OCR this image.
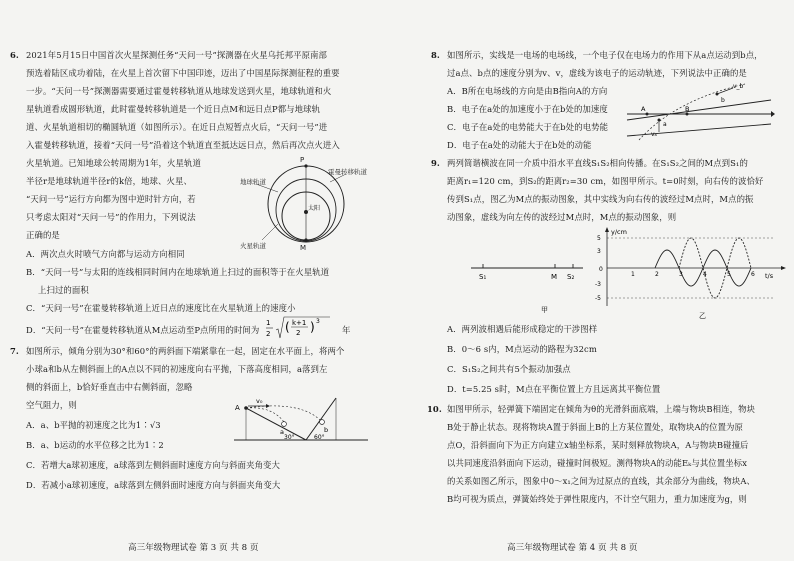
6. 2021年5月15日中国首次火星探测任务“天问一号”探测器在火星乌托邦平原南部
预选着陆区成功着陆，在火星上首次留下中国印迹，迈出了中国星际探测征程的重要
一步。“天问一号”探测器需要通过霍曼转移轨道从地球发送到火星，地球轨道和火
星轨道看成圆形轨道，此时霍曼转移轨道是一个近日点M和远日点P都与地球轨
道、火星轨道相切的椭圆轨道（如图所示）。在近日点短暂点火后，“天问一号”进
入霍曼转移轨道，接着“天问一号”沿着这个轨道直至抵达远日点，然后再次点火进入
火星轨道。已知地球公转周期为1年，火星轨道
半径r是地球轨道半径r的k倍，地球、火星、
“天问一号”运行方向都为图中逆时针方向，若
只考虑太阳对“天问一号”的作用力，下列说法
正确的是
地球轨道
霍曼转移轨道
火星轨道
P
M
太阳
A．两次点火时喷气方向都与运动方向相同
B．“天问一号”与太阳的连线相同时间内在地球轨道上扫过的面积等于在火星轨道
上扫过的面积
C．“天问一号”在霍曼转移轨道上近日点的速度比在火星轨道上的速度小
D．“天问一号”在霍曼转移轨道从M点运动至P点所用的时间为
1
2 ( k+1
2 ) 3
年
7. 如图所示，倾角分别为30°和60°的两斜面下端紧靠在一起，固定在水平面上，将两个
小球a和b从左侧斜面上的A点以不同的初速度向右平抛，下落高度相同，a落到左
侧的斜面上，b恰好垂直击中右侧斜面，忽略
空气阻力，则	A
v₀
a	b
30°	60°
A．a、b平抛的初速度之比为1∶√3
B．a、b运动的水平位移之比为1∶2
C．若增大a球初速度，a球落到左侧斜面时速度方向与斜面夹角变大
D．若减小a球初速度，a球落到左侧斜面时速度方向与斜面夹角变大
高三年级物理试卷 第 3 页 共 8 页
8. 如图所示，实线是一电场的电场线，一个电子仅在电场力的作用下从a点运动到b点，
过a点、b点的速度分别为v、v，虚线为该电子的运动轨迹，下列说法中正确的是
A．B所在电场线的方向是由B指向A的方向
B．电子在a处的加速度小于在b处的加速度
C．电子在a处的电势能大于在b处的电势能
D．电子在a处的动能大于在b处的动能
v_b
vₐ
a
b
A	B
9. 两列简谐横波在同一介质中沿水平直线S₁S₂相向传播。在S₁S₂之间的M点到S₁的
距离r₁=120 cm，到S₂的距离r₂=30 cm，如图甲所示。t=0时刻，向右传的波恰好
传到S₁点，图乙为M点的振动图象，其中实线为向右传的波经过M点时，M点的振
动图象，虚线为向左传的波经过M点时，M点的振动图象，则
S₁	M S₂
甲
y/cm
t/s
5
3
0
-3
-5
1	2	3	4	5	6
乙
A．两列波相遇后能形成稳定的干涉图样
B．0～6 s内，M点运动的路程为32cm
C．S₁S₂之间共有5个振动加强点
D．t=5.25 s时，M点在平衡位置上方且远离其平衡位置
10. 如图甲所示，轻弹簧下端固定在倾角为θ的光滑斜面底端，上端与物块B相连，物块
B处于静止状态。现将物块A置于斜面上B的上方某位置处，取物块A的位置为原
点O，沿斜面向下为正方向建立x轴坐标系，某时刻释放物块A，A与物块B碰撞后
以共同速度沿斜面向下运动，碰撞时间极短。测得物块A的动能Eₖ与其位置坐标x
的关系如图乙所示，图象中0～x₁之间为过原点的直线，其余部分为曲线，物块A、
B均可视为质点，弹簧始终处于弹性限度内，不计空气阻力，重力加速度为g，则
高三年级物理试卷 第 4 页 共 8 页
